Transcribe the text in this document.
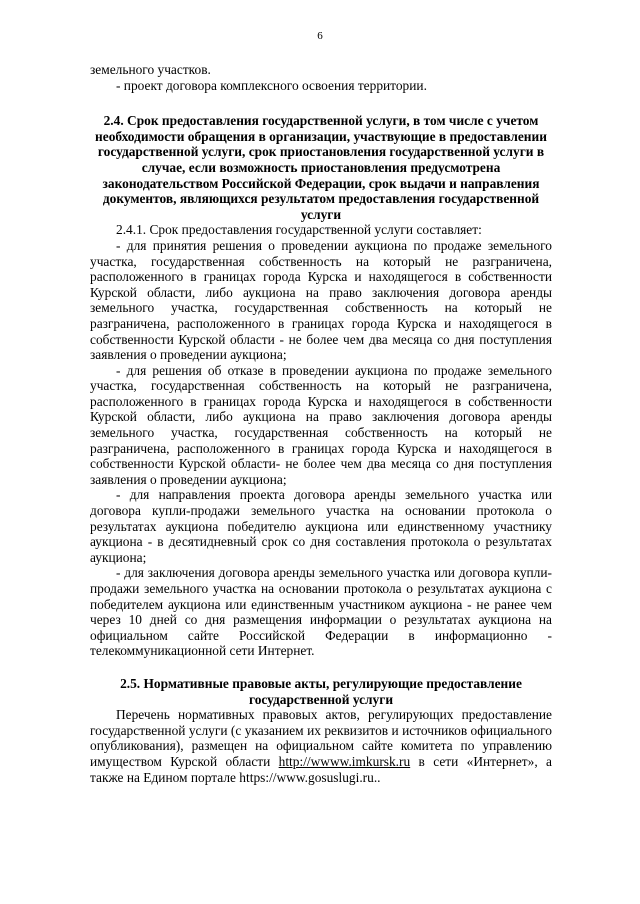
6

земельного участков.

- проект договора комплексного освоения территории.

2.4. Срок предоставления государственной услуги, в том числе с учетом необходимости обращения в организации, участвующие в предоставлении государственной услуги, срок приостановления государственной услуги в случае, если возможность приостановления предусмотрена законодательством Российской Федерации, срок выдачи и направления документов, являющихся результатом предоставления государственной услуги

2.4.1. Срок предоставления государственной услуги составляет:

- для принятия решения о проведении аукциона по продаже земельного участка, государственная собственность на который не разграничена, расположенного в границах города Курска и находящегося в собственности Курской области, либо аукциона на право заключения договора аренды земельного участка, государственная собственность на который не разграничена, расположенного в границах города Курска и находящегося в собственности Курской области - не более чем два месяца со дня поступления заявления о проведении аукциона;

- для решения об отказе в проведении аукциона по продаже земельного участка, государственная собственность на который не разграничена, расположенного в границах города Курска и находящегося в собственности Курской области, либо аукциона на право заключения договора аренды земельного участка, государственная собственность на который не разграничена, расположенного в границах города Курска и находящегося в собственности Курской области- не более чем два месяца со дня поступления заявления о проведении аукциона;

- для направления проекта договора аренды земельного участка или договора купли-продажи земельного участка на основании протокола о результатах аукциона победителю аукциона или единственному участнику аукциона - в десятидневный срок со дня составления протокола о результатах аукциона;

- для заключения договора аренды земельного участка или договора купли-продажи земельного участка на основании протокола о результатах аукциона с победителем аукциона или единственным участником аукциона - не ранее чем через 10 дней со дня размещения информации о результатах аукциона на официальном сайте Российской Федерации в информационно - телекоммуникационной сети Интернет.

2.5. Нормативные правовые акты, регулирующие предоставление государственной услуги

Перечень нормативных правовых актов, регулирующих предоставление государственной услуги (с указанием их реквизитов и источников официального опубликования), размещен на официальном сайте комитета по управлению имуществом Курской области http://wwww.imkursk.ru в сети «Интернет», а также на Едином портале https://www.gosuslugi.ru..
